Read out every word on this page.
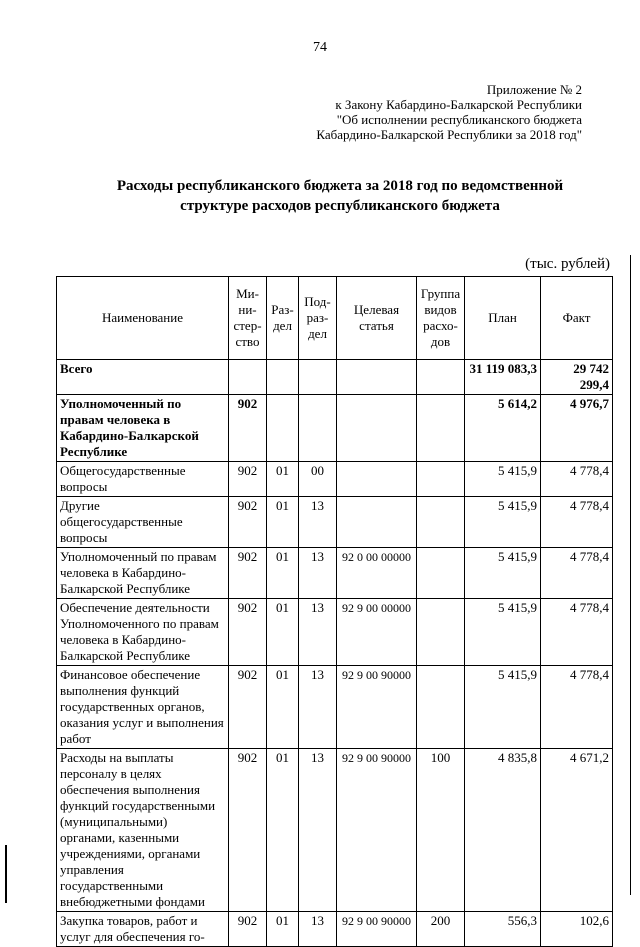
74
Приложение № 2
к Закону Кабардино-Балкарской Республики
"Об исполнении республиканского бюджета
Кабардино-Балкарской Республики за 2018 год"
Расходы республиканского бюджета за 2018 год по ведомственной
структуре расходов республиканского бюджета
(тыс. рублей)
Наименование	Ми-ни-стер-ство	Раз-дел	Под-раз-дел	Целевая статья	Группа видов расхо-дов	План	Факт
Всего						31 119 083,3	29 742 299,4
Уполномоченный по правам человека в Кабардино-Балкарской Республике	902					5 614,2	4 976,7
Общегосударственные вопросы	902	01	00			5 415,9	4 778,4
Другие общегосударственные вопросы	902	01	13			5 415,9	4 778,4
Уполномоченный по правам человека в Кабардино-Балкарской Республике	902	01	13	92 0 00 00000		5 415,9	4 778,4
Обеспечение деятельности Уполномоченного по правам человека в Кабардино-Балкарской Республике	902	01	13	92 9 00 00000		5 415,9	4 778,4
Финансовое обеспечение выполнения функций государственных органов, оказания услуг и выполнения работ	902	01	13	92 9 00 90000		5 415,9	4 778,4
Расходы на выплаты персоналу в целях обеспечения выполнения функций государственными (муниципальными) органами, казенными учреждениями, органами управления государственными внебюджетными фондами	902	01	13	92 9 00 90000	100	4 835,8	4 671,2
Закупка товаров, работ и услуг для обеспечения го-	902	01	13	92 9 00 90000	200	556,3	102,6
